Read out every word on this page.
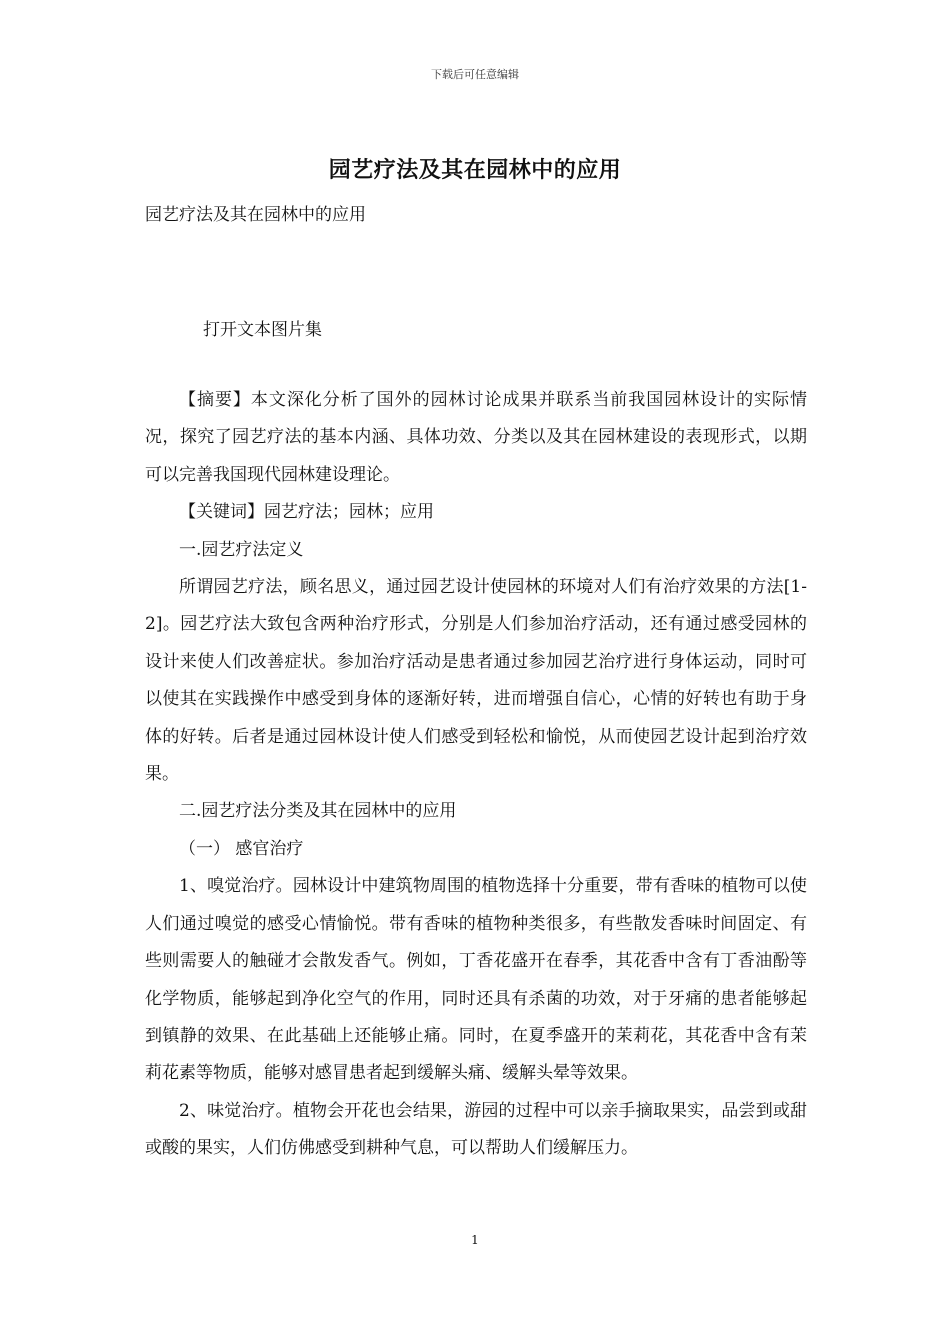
下载后可任意编辑
园艺疗法及其在园林中的应用
园艺疗法及其在园林中的应用
打开文本图片集

【摘要】本文深化分析了国外的园林讨论成果并联系当前我国园林设计的实际情况，探究了园艺疗法的基本内涵、具体功效、分类以及其在园林建设的表现形式，以期可以完善我国现代园林建设理论。

【关键词】园艺疗法；园林；应用

一.园艺疗法定义

所谓园艺疗法，顾名思义，通过园艺设计使园林的环境对人们有治疗效果的方法[1-2]。园艺疗法大致包含两种治疗形式，分别是人们参加治疗活动，还有通过感受园林的设计来使人们改善症状。参加治疗活动是患者通过参加园艺治疗进行身体运动，同时可以使其在实践操作中感受到身体的逐渐好转，进而增强自信心，心情的好转也有助于身体的好转。后者是通过园林设计使人们感受到轻松和愉悦，从而使园艺设计起到治疗效果。

二.园艺疗法分类及其在园林中的应用

（一） 感官治疗

1、嗅觉治疗。园林设计中建筑物周围的植物选择十分重要，带有香味的植物可以使人们通过嗅觉的感受心情愉悦。带有香味的植物种类很多，有些散发香味时间固定、有些则需要人的触碰才会散发香气。例如，丁香花盛开在春季，其花香中含有丁香油酚等化学物质，能够起到净化空气的作用，同时还具有杀菌的功效，对于牙痛的患者能够起到镇静的效果、在此基础上还能够止痛。同时，在夏季盛开的茉莉花，其花香中含有茉莉花素等物质，能够对感冒患者起到缓解头痛、缓解头晕等效果。

2、味觉治疗。植物会开花也会结果，游园的过程中可以亲手摘取果实，品尝到或甜或酸的果实，人们仿佛感受到耕种气息，可以帮助人们缓解压力。

1
